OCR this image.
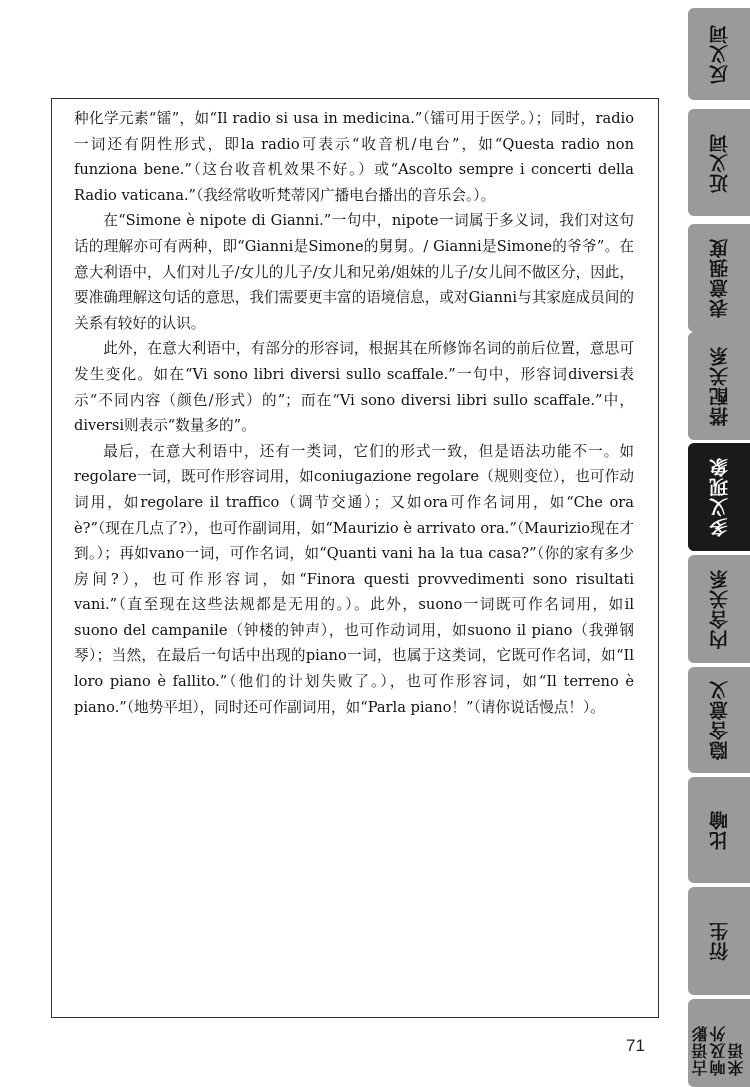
种化学元素“镭”，如“Il radio si usa in medicina.”（镭可用于医学。）；同时，radio一词还有阴性形式，即la radio可表示“收音机/电台”，如“Questa radio non funziona bene.”（这台收音机效果不好。）或“Ascolto sempre i concerti della Radio vaticana.”（我经常收听梵蒂冈广播电台播出的音乐会。）。

在“Simone è nipote di Gianni.”一句中，nipote一词属于多义词，我们对这句话的理解亦可有两种，即“Gianni是Simone的舅舅。/ Gianni是Simone的爷爷”。在意大利语中，人们对儿子/女儿的儿子/女儿和兄弟/姐妹的儿子/女儿间不做区分，因此，要准确理解这句话的意思，我们需要更丰富的语境信息，或对Gianni与其家庭成员间的关系有较好的认识。

此外，在意大利语中，有部分的形容词，根据其在所修饰名词的前后位置，意思可发生变化。如在“Vi sono libri diversi sullo scaffale.”一句中，形容词diversi表示“不同内容（颜色/形式）的”；而在“Vi sono diversi libri sullo scaffale.”中，diversi则表示“数量多的”。

最后，在意大利语中，还有一类词，它们的形式一致，但是语法功能不一。如regolare一词，既可作形容词用，如coniugazione regolare（规则变位），也可作动词用，如regolare il traffico（调节交通）；又如ora可作名词用，如“Che ora è?”（现在几点了?），也可作副词用，如“Maurizio è arrivato ora.”（Maurizio现在才到。）；再如vano一词，可作名词，如“Quanti vani ha la tua casa?”（你的家有多少房间?），也可作形容词，如“Finora questi provvedimenti sono risultati vani.”（直至现在这些法规都是无用的。）。此外，suono一词既可作名词用，如il suono del campanile（钟楼的钟声），也可作动词用，如suono il piano（我弹钢琴）；当然，在最后一句话中出现的piano一词，也属于这类词，它既可作名词，如“Il loro piano è fallito.”（他们的计划失败了。），也可作形容词，如“Il terreno è piano.”（地势平坦），同时还可作副词用，如“Parla piano！”（请你说话慢点！）。

71
反义词
近义词
表意强度
搭配关系
多义现象
内含关系
隐含意义
比喻
衍生
古语影响及外来语
